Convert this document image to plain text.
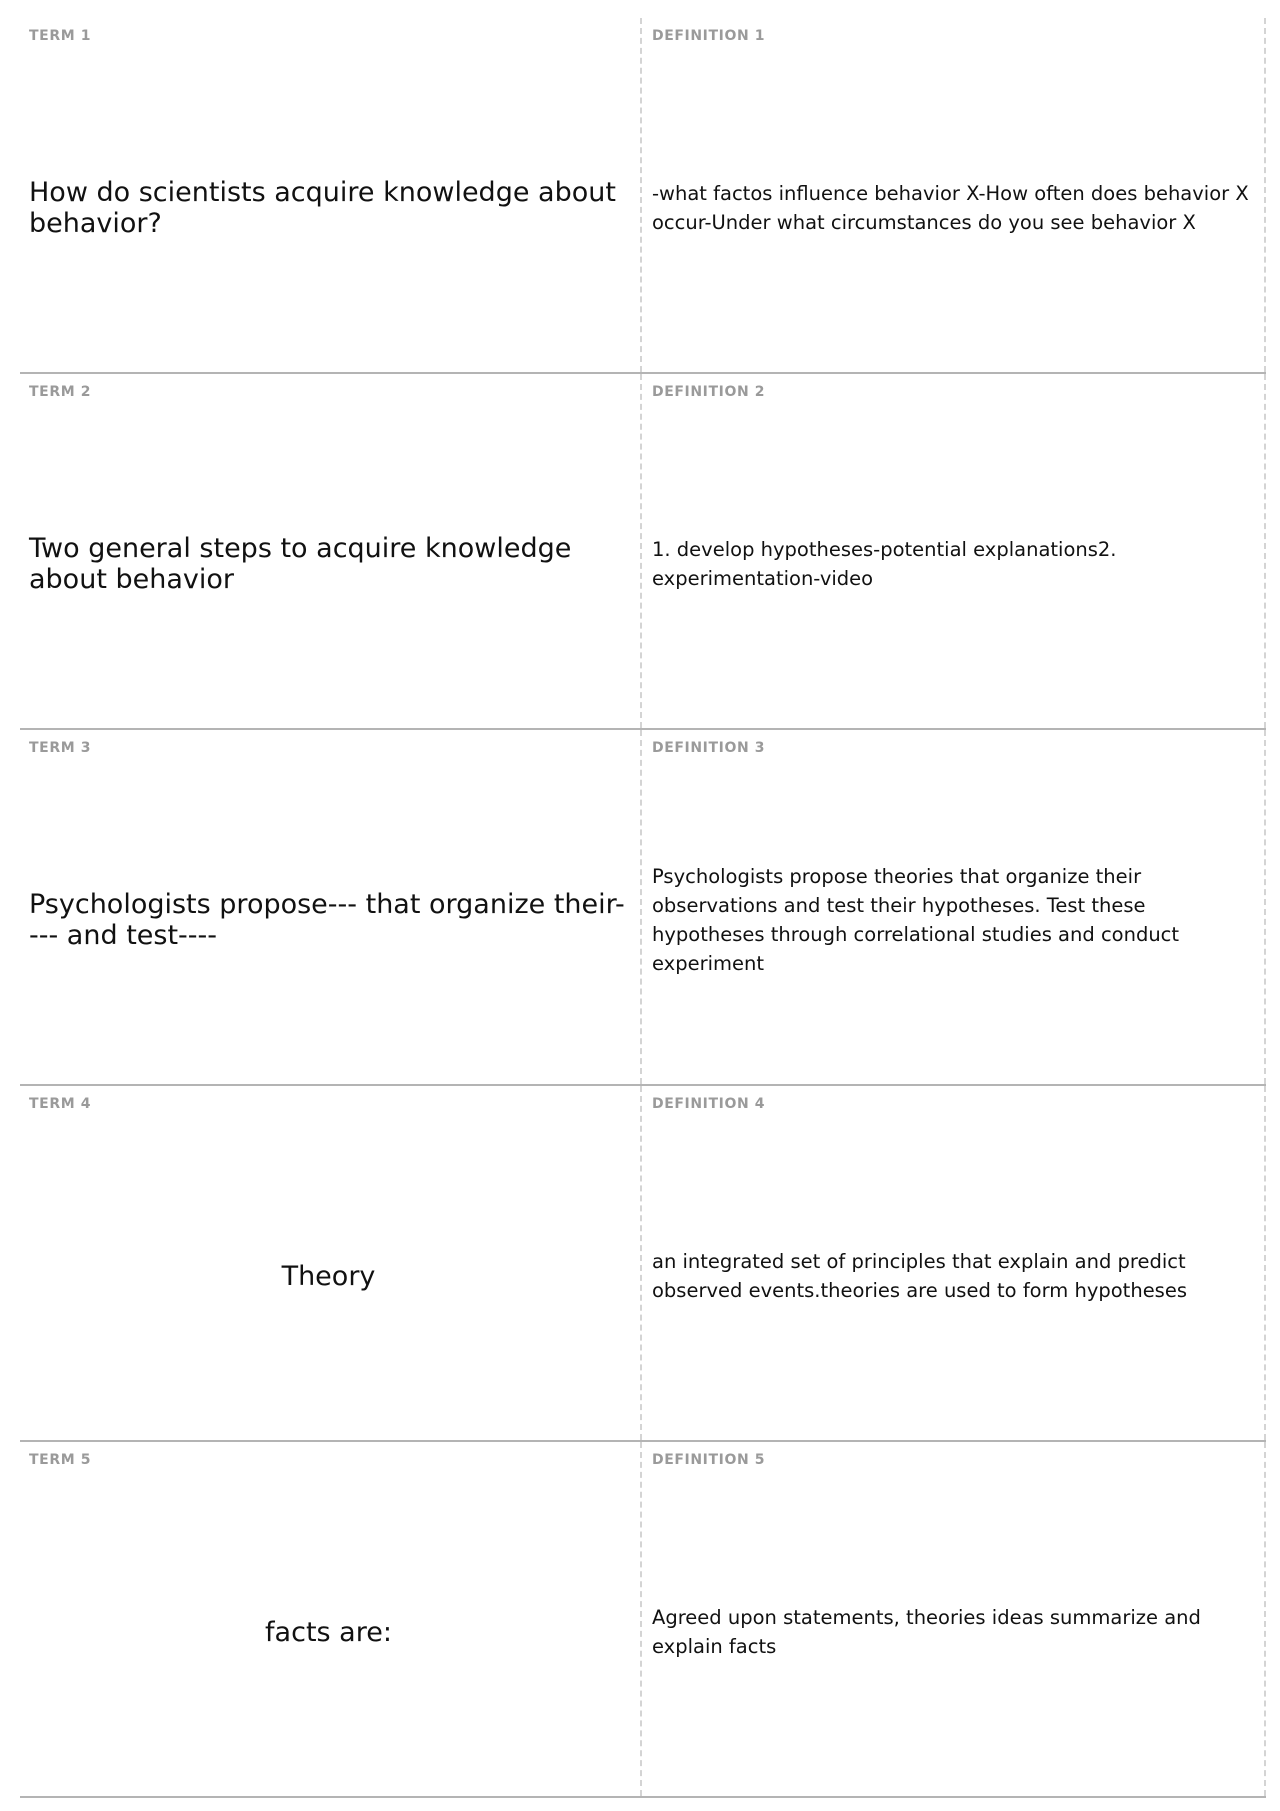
TERM 1
How do scientists acquire knowledge about behavior?
DEFINITION 1
-what factos influence behavior X-How often does behavior X occur-Under what circumstances do you see behavior X
TERM 2
Two general steps to acquire knowledge about behavior
DEFINITION 2
1. develop hypotheses-potential explanations2. experimentation-video
TERM 3
Psychologists propose--- that organize their---- and test----
DEFINITION 3
Psychologists propose theories that organize their observations and test their hypotheses. Test these hypotheses through correlational studies and conduct experiment
TERM 4
Theory
DEFINITION 4
an integrated set of principles that explain and predict observed events.theories are used to form hypotheses
TERM 5
facts are:
DEFINITION 5
Agreed upon statements, theories ideas summarize and explain facts
